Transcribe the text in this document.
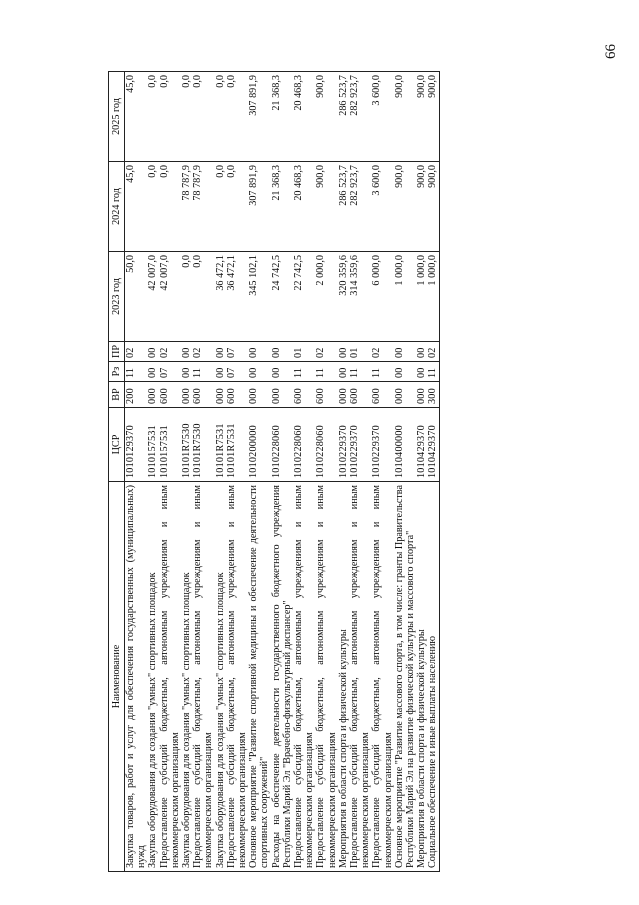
66
Наименование	ЦСР	ВР	Рз	ПР	2023 год	2024 год	2025 год
Закупка товаров, работ и услуг для обеспечения государственных (муниципальных) нужд	1010129370	200	11	02	50,0	45,0	45,0
Закупка оборудования для создания "умных" спортивных площадок	1010157531	000	00	00	42 007,0	0,0	0,0
Предоставление субсидий бюджетным, автономным учреждениям и иным некоммерческим организациям	1010157531	600	07	02	42 007,0	0,0	0,0
Закупка оборудования для создания "умных" спортивных площадок	10101R7530	000	00	00	0,0	78 787,9	0,0
Предоставление субсидий бюджетным, автономным учреждениям и иным некоммерческим организациям	10101R7530	600	11	02	0,0	78 787,9	0,0
Закупка оборудования для создания "умных" спортивных площадок	10101R7531	000	00	00	36 472,1	0,0	0,0
Предоставление субсидий бюджетным, автономным учреждениям и иным некоммерческим организациям	10101R7531	600	07	07	36 472,1	0,0	0,0
Основное мероприятие "Развитие спортивной медицины и обеспечение деятельности спортивных сооружений"	1010200000	000	00	00	345 102,1	307 891,9	307 891,9
Расходы на обеспечение деятельности государственного бюджетного учреждения Республики Марий Эл "Врачебно-физкультурный диспансер"	1010228060	000	00	00	24 742,5	21 368,3	21 368,3
Предоставление субсидий бюджетным, автономным учреждениям и иным некоммерческим организациям	1010228060	600	11	01	22 742,5	20 468,3	20 468,3
Предоставление субсидий бюджетным, автономным учреждениям и иным некоммерческим организациям	1010228060	600	11	02	2 000,0	900,0	900,0
Мероприятия в области спорта и физической культуры	1010229370	000	00	00	320 359,6	286 523,7	286 523,7
Предоставление субсидий бюджетным, автономным учреждениям и иным некоммерческим организациям	1010229370	600	11	01	314 359,6	282 923,7	282 923,7
Предоставление субсидий бюджетным, автономным учреждениям и иным некоммерческим организациям	1010229370	600	11	02	6 000,0	3 600,0	3 600,0
Основное мероприятие "Развитие массового спорта, в том числе: гранты Правительства Республики Марий Эл на развитие физической культуры и массового спорта"	1010400000	000	00	00	1 000,0	900,0	900,0
Мероприятия в области спорта и физической культуры	1010429370	000	00	00	1 000,0	900,0	900,0
Социальное обеспечение и иные выплаты населению	1010429370	300	11	02	1 000,0	900,0	900,0
